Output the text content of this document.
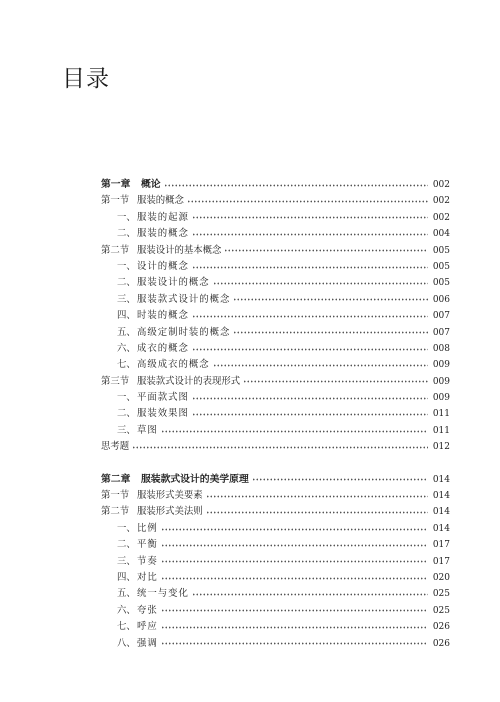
目录
第一章	概论	002
第一节 服装的概念	002
一、 服装的起源	002
二、 服装的概念	004
第二节 服装设计的基本概念	005
一、 设计的概念	005
二、 服装设计的概念	005
三、 服装款式设计的概念	006
四、 时装的概念	007
五、 高级定制时装的概念	007
六、 成衣的概念	008
七、 高级成衣的概念	009
第三节 服装款式设计的表现形式	009
一、 平面款式图	009
二、 服装效果图	011
三、 草图	011
思考题	012
第二章	服装款式设计的美学原理	014
第一节 服装形式美要素	014
第二节 服装形式美法则	014
一、 比例	014
二、 平衡	017
三、 节奏	017
四、 对比	020
五、 统一与变化	025
六、 夸张	025
七、 呼应	026
八、 强调	026
